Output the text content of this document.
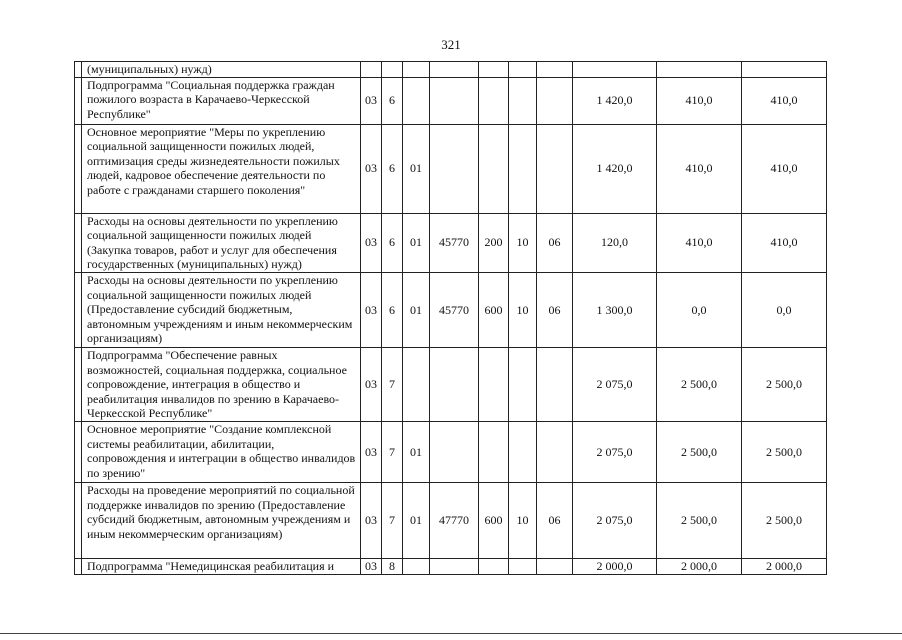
321
	(муниципальных) нужд)										
	Подпрограмма "Социальная поддержка граждан пожилого возраста в Карачаево-Черкесской Республике"	03	6						1 420,0	410,0	410,0
	Основное мероприятие "Меры по укреплению социальной защищенности пожилых людей, оптимизация среды жизнедеятельности пожилых людей, кадровое обеспечение деятельности по работе с гражданами старшего поколения"	03	6	01					1 420,0	410,0	410,0
	Расходы на основы деятельности по укреплению социальной защищенности пожилых людей (Закупка товаров, работ и услуг для обеспечения государственных (муниципальных) нужд)	03	6	01	45770	200	10	06	120,0	410,0	410,0
	Расходы на основы деятельности по укреплению социальной защищенности пожилых людей (Предоставление субсидий бюджетным, автономным учреждениям и иным некоммерческим организациям)	03	6	01	45770	600	10	06	1 300,0	0,0	0,0
	Подпрограмма "Обеспечение равных возможностей, социальная поддержка, социальное сопровождение, интеграция в общество и реабилитация инвалидов по зрению в Карачаево-Черкесской Республике"	03	7						2 075,0	2 500,0	2 500,0
	Основное мероприятие "Создание комплексной системы реабилитации, абилитации, сопровождения и интеграции в общество инвалидов по зрению"	03	7	01					2 075,0	2 500,0	2 500,0
	Расходы на проведение мероприятий по социальной поддержке инвалидов по зрению (Предоставление субсидий бюджетным, автономным учреждениям и иным некоммерческим организациям)	03	7	01	47770	600	10	06	2 075,0	2 500,0	2 500,0
	Подпрограмма "Немедицинская реабилитация и	03	8						2 000,0	2 000,0	2 000,0
